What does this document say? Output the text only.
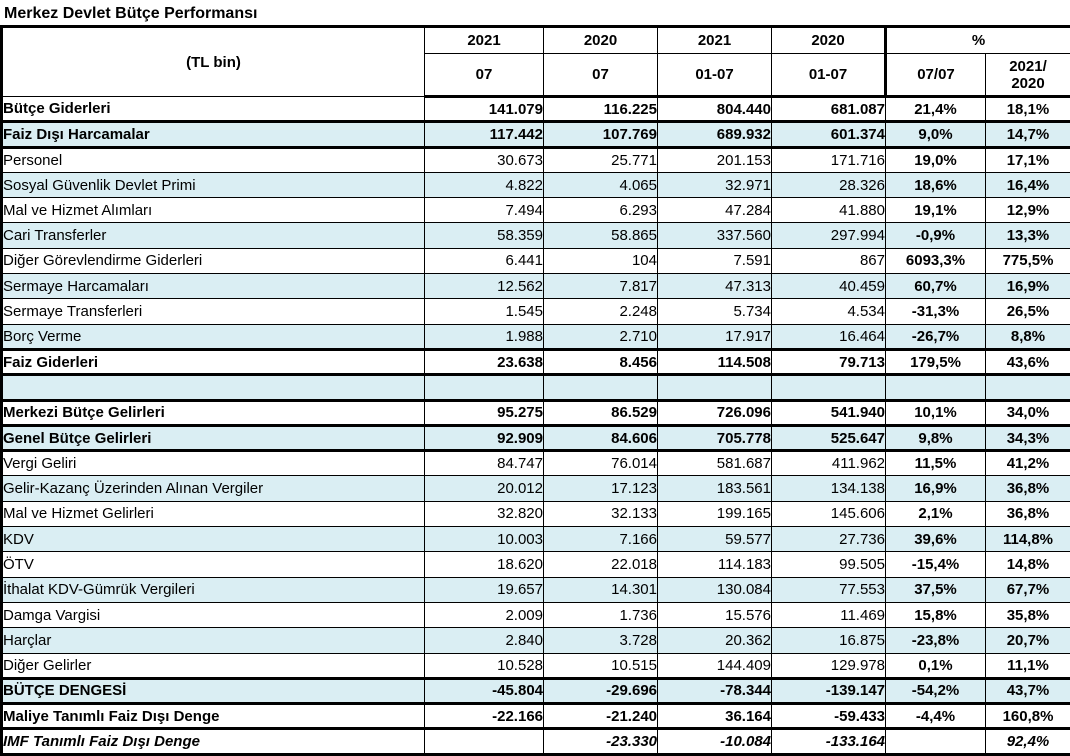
Merkez Devlet Bütçe Performansı
(TL bin)	2021	2020	2021	2020	%	
	07	07	01-07	01-07	07/07	2021/
2020
Bütçe Giderleri	141.079	116.225	804.440	681.087	21,4%	18,1%
Faiz Dışı Harcamalar	117.442	107.769	689.932	601.374	9,0%	14,7%
Personel	30.673	25.771	201.153	171.716	19,0%	17,1%
Sosyal Güvenlik Devlet Primi	4.822	4.065	32.971	28.326	18,6%	16,4%
Mal ve Hizmet Alımları	7.494	6.293	47.284	41.880	19,1%	12,9%
Cari Transferler	58.359	58.865	337.560	297.994	-0,9%	13,3%
Diğer Görevlendirme Giderleri	6.441	104	7.591	867	6093,3%	775,5%
Sermaye Harcamaları	12.562	7.817	47.313	40.459	60,7%	16,9%
Sermaye Transferleri	1.545	2.248	5.734	4.534	-31,3%	26,5%
Borç Verme	1.988	2.710	17.917	16.464	-26,7%	8,8%
Faiz Giderleri	23.638	8.456	114.508	79.713	179,5%	43,6%

Merkezi Bütçe Gelirleri	95.275	86.529	726.096	541.940	10,1%	34,0%
Genel Bütçe Gelirleri	92.909	84.606	705.778	525.647	9,8%	34,3%
Vergi Geliri	84.747	76.014	581.687	411.962	11,5%	41,2%
Gelir-Kazanç Üzerinden Alınan Vergiler	20.012	17.123	183.561	134.138	16,9%	36,8%
Mal ve Hizmet Gelirleri	32.820	32.133	199.165	145.606	2,1%	36,8%
KDV	10.003	7.166	59.577	27.736	39,6%	114,8%
ÖTV	18.620	22.018	114.183	99.505	-15,4%	14,8%
İthalat KDV-Gümrük Vergileri	19.657	14.301	130.084	77.553	37,5%	67,7%
Damga Vargisi	2.009	1.736	15.576	11.469	15,8%	35,8%
Harçlar	2.840	3.728	20.362	16.875	-23,8%	20,7%
Diğer Gelirler	10.528	10.515	144.409	129.978	0,1%	11,1%
BÜTÇE DENGESİ	-45.804	-29.696	-78.344	-139.147	-54,2%	43,7%
Maliye Tanımlı Faiz Dışı Denge	-22.166	-21.240	36.164	-59.433	-4,4%	160,8%
IMF Tanımlı Faiz Dışı Denge		-23.330	-10.084	-133.164		92,4%
